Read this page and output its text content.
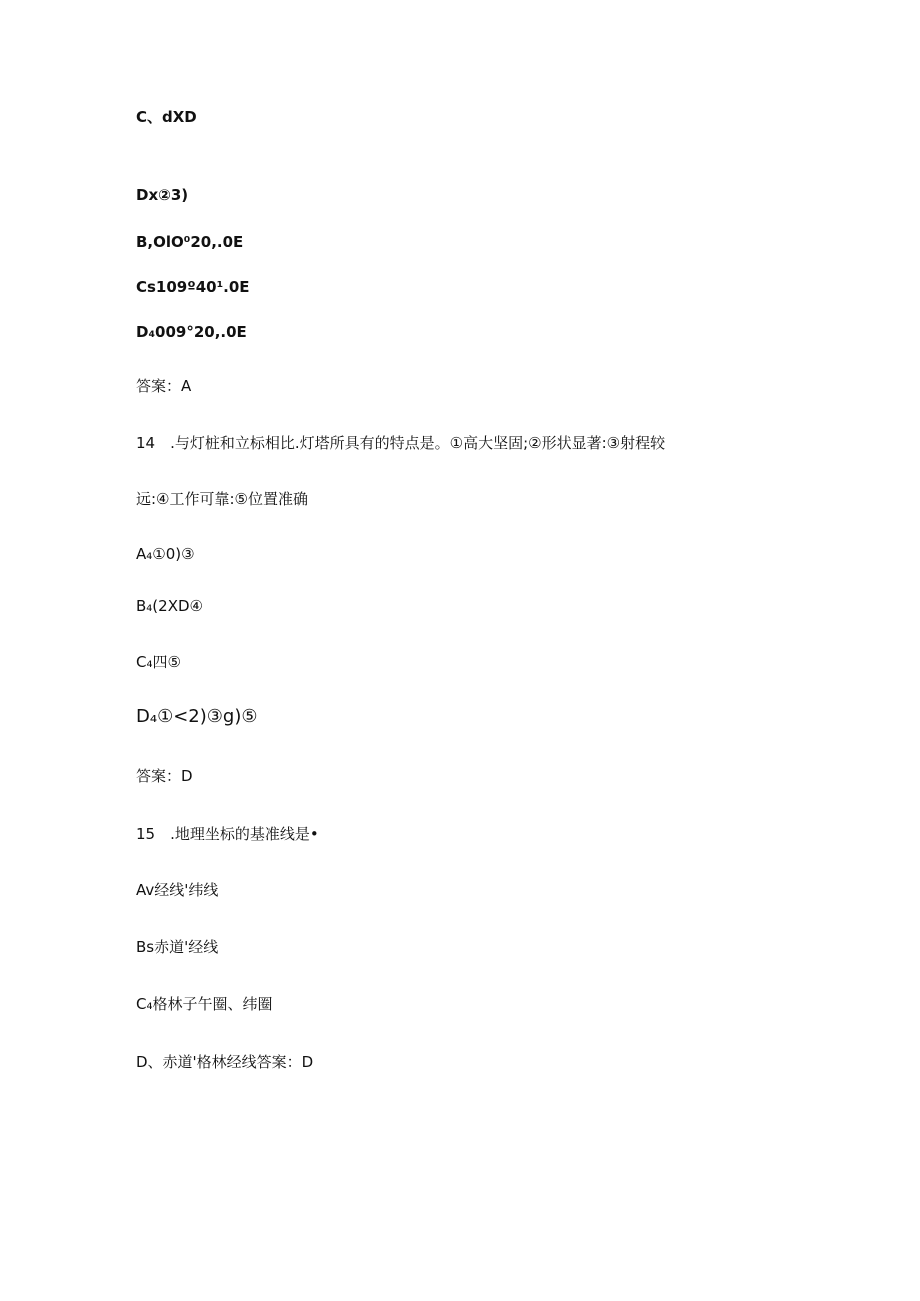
C、dXD
Dx②3)
B,OlO⁰20,.0E
Cs109º40¹.0E
D₄009°20,.0E
答案：A
14　.与灯桩和立标相比.灯塔所具有的特点是。①高大坚固;②形状显著:③射程较
远:④工作可靠:⑤位置准确
A₄①0)③
B₄(2XD④
C₄四⑤
D₄①<2)③g)⑤
答案：D
15　.地理坐标的基准线是•
Av经线'纬线
Bs赤道'经线
C₄格林子午圈、纬圈
D、赤道'格林经线答案：D
